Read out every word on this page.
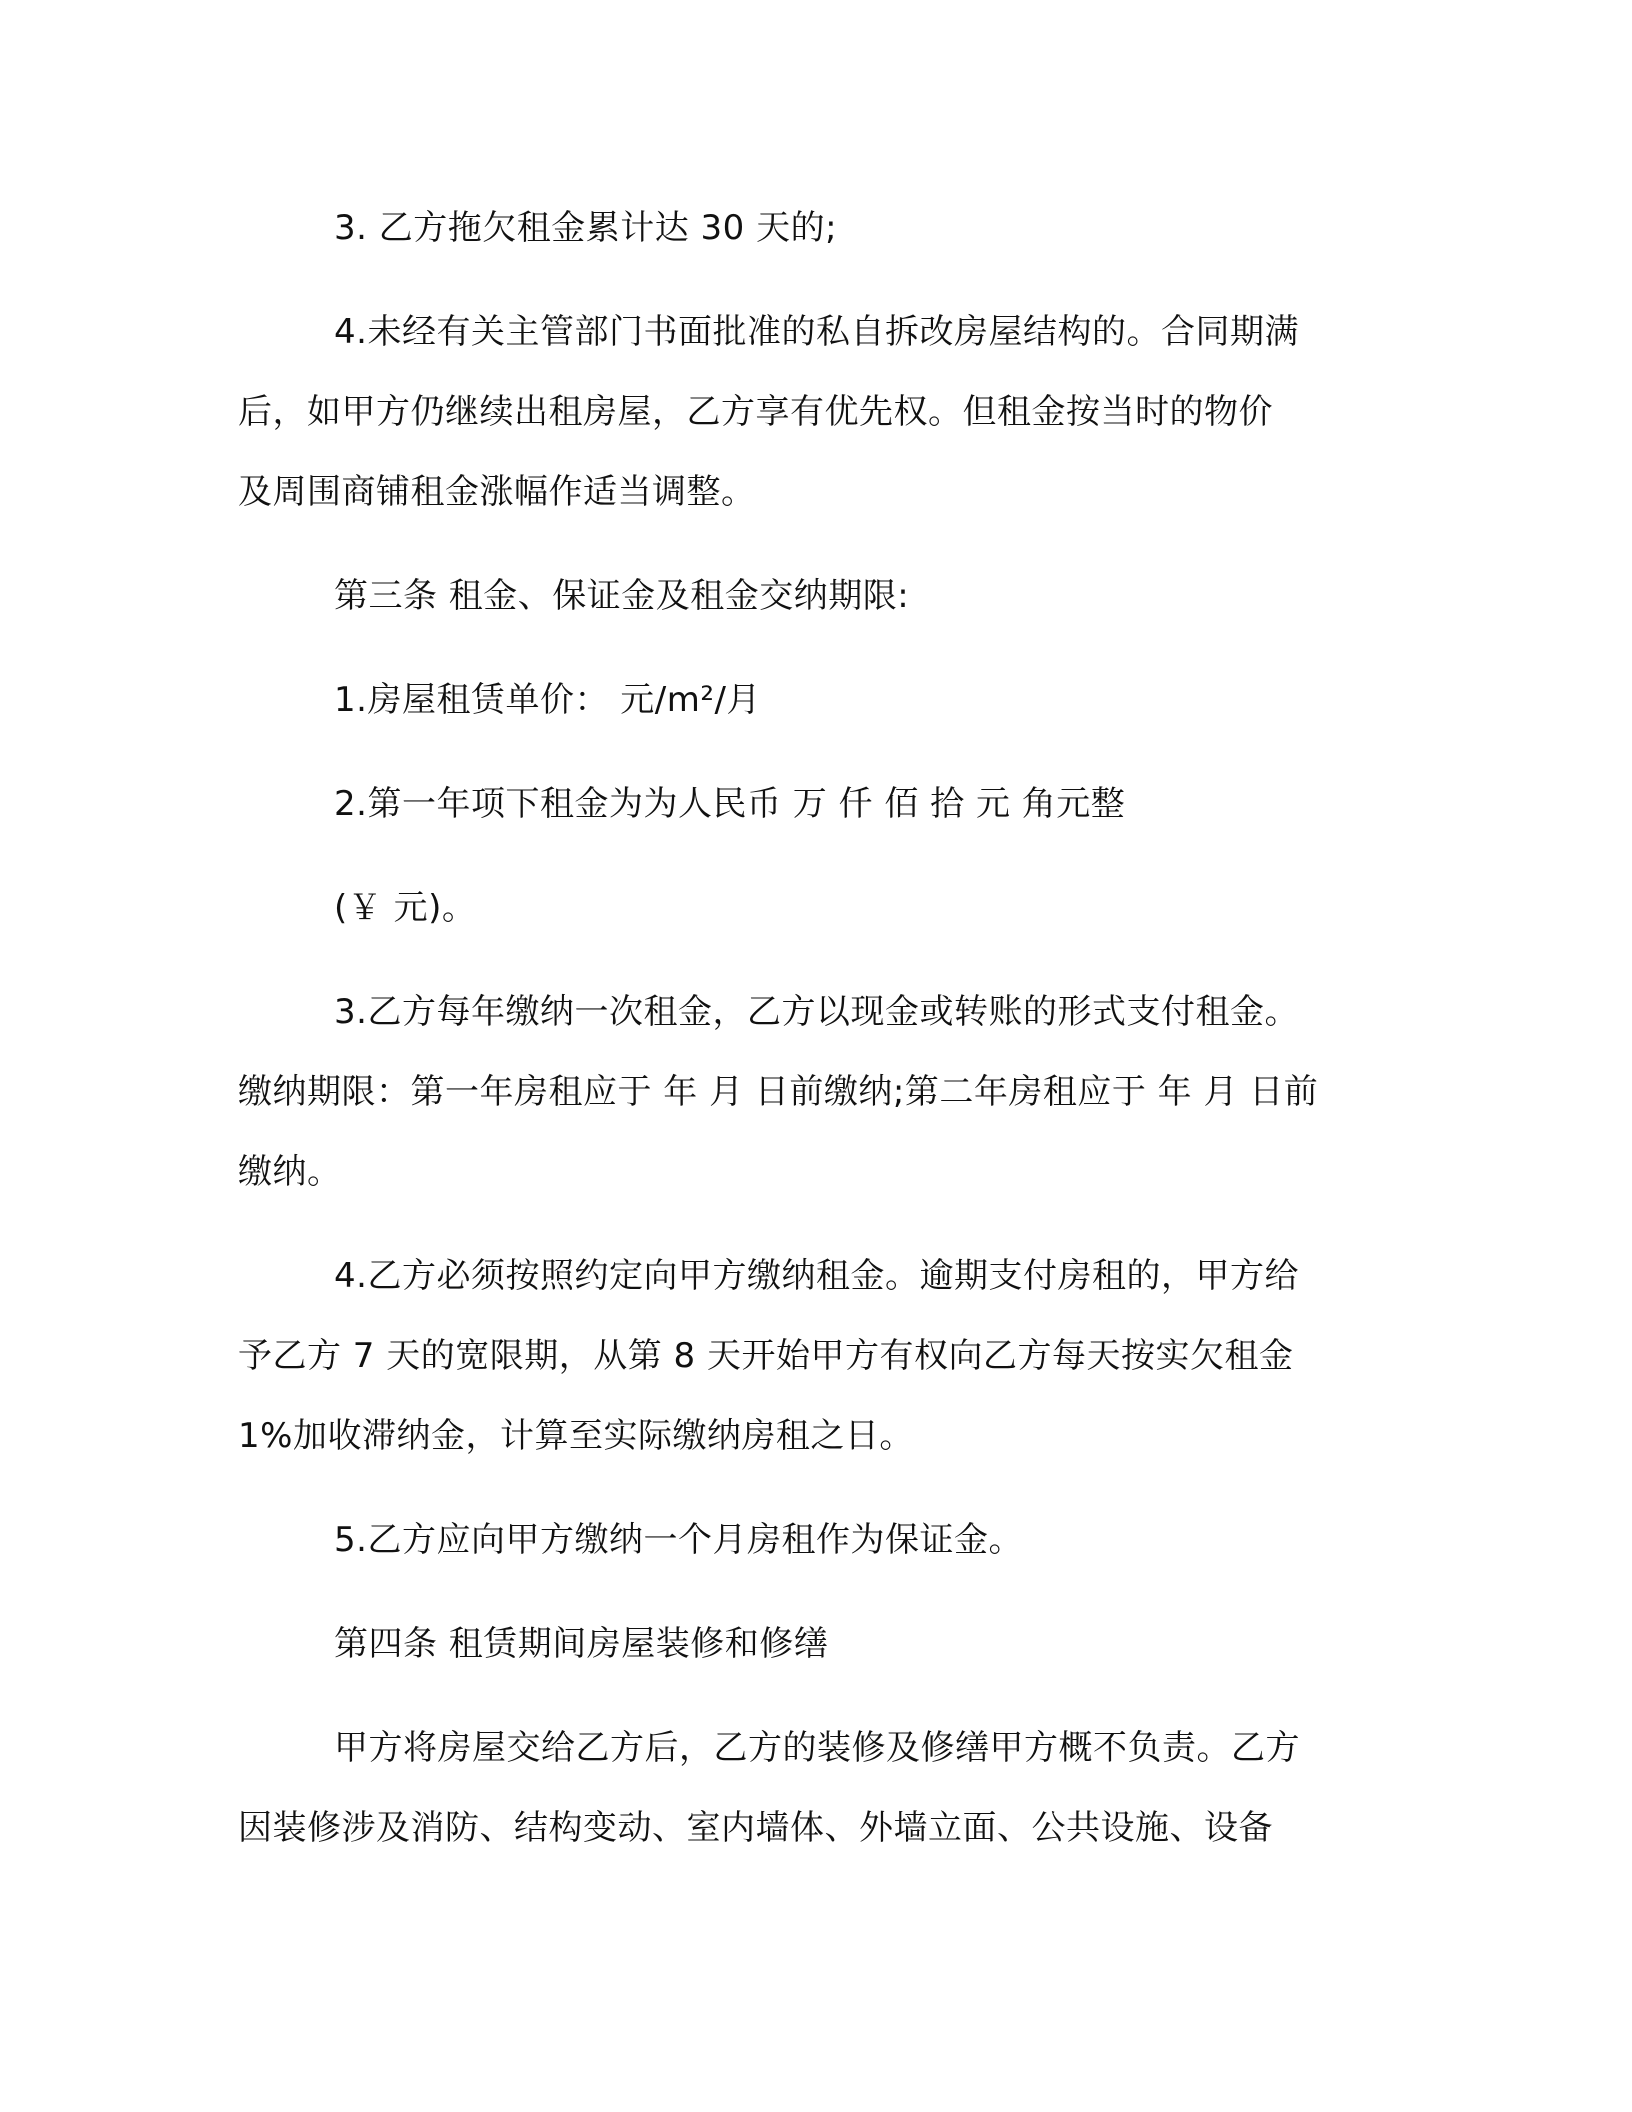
3. 乙方拖欠租金累计达 30 天的;
4.未经有关主管部门书面批准的私自拆改房屋结构的。合同期满
后，如甲方仍继续出租房屋，乙方享有优先权。但租金按当时的物价
及周围商铺租金涨幅作适当调整。
第三条 租金、保证金及租金交纳期限:
1.房屋租赁单价： 元/m²/月
2.第一年项下租金为为人民币 万 仟 佰 拾 元 角元整
(￥ 元)。
3.乙方每年缴纳一次租金，乙方以现金或转账的形式支付租金。
缴纳期限：第一年房租应于 年 月 日前缴纳;第二年房租应于 年 月 日前
缴纳。
4.乙方必须按照约定向甲方缴纳租金。逾期支付房租的，甲方给
予乙方 7 天的宽限期，从第 8 天开始甲方有权向乙方每天按实欠租金
1%加收滞纳金，计算至实际缴纳房租之日。
5.乙方应向甲方缴纳一个月房租作为保证金。
第四条 租赁期间房屋装修和修缮
甲方将房屋交给乙方后，乙方的装修及修缮甲方概不负责。乙方
因装修涉及消防、结构变动、室内墙体、外墙立面、公共设施、设备
